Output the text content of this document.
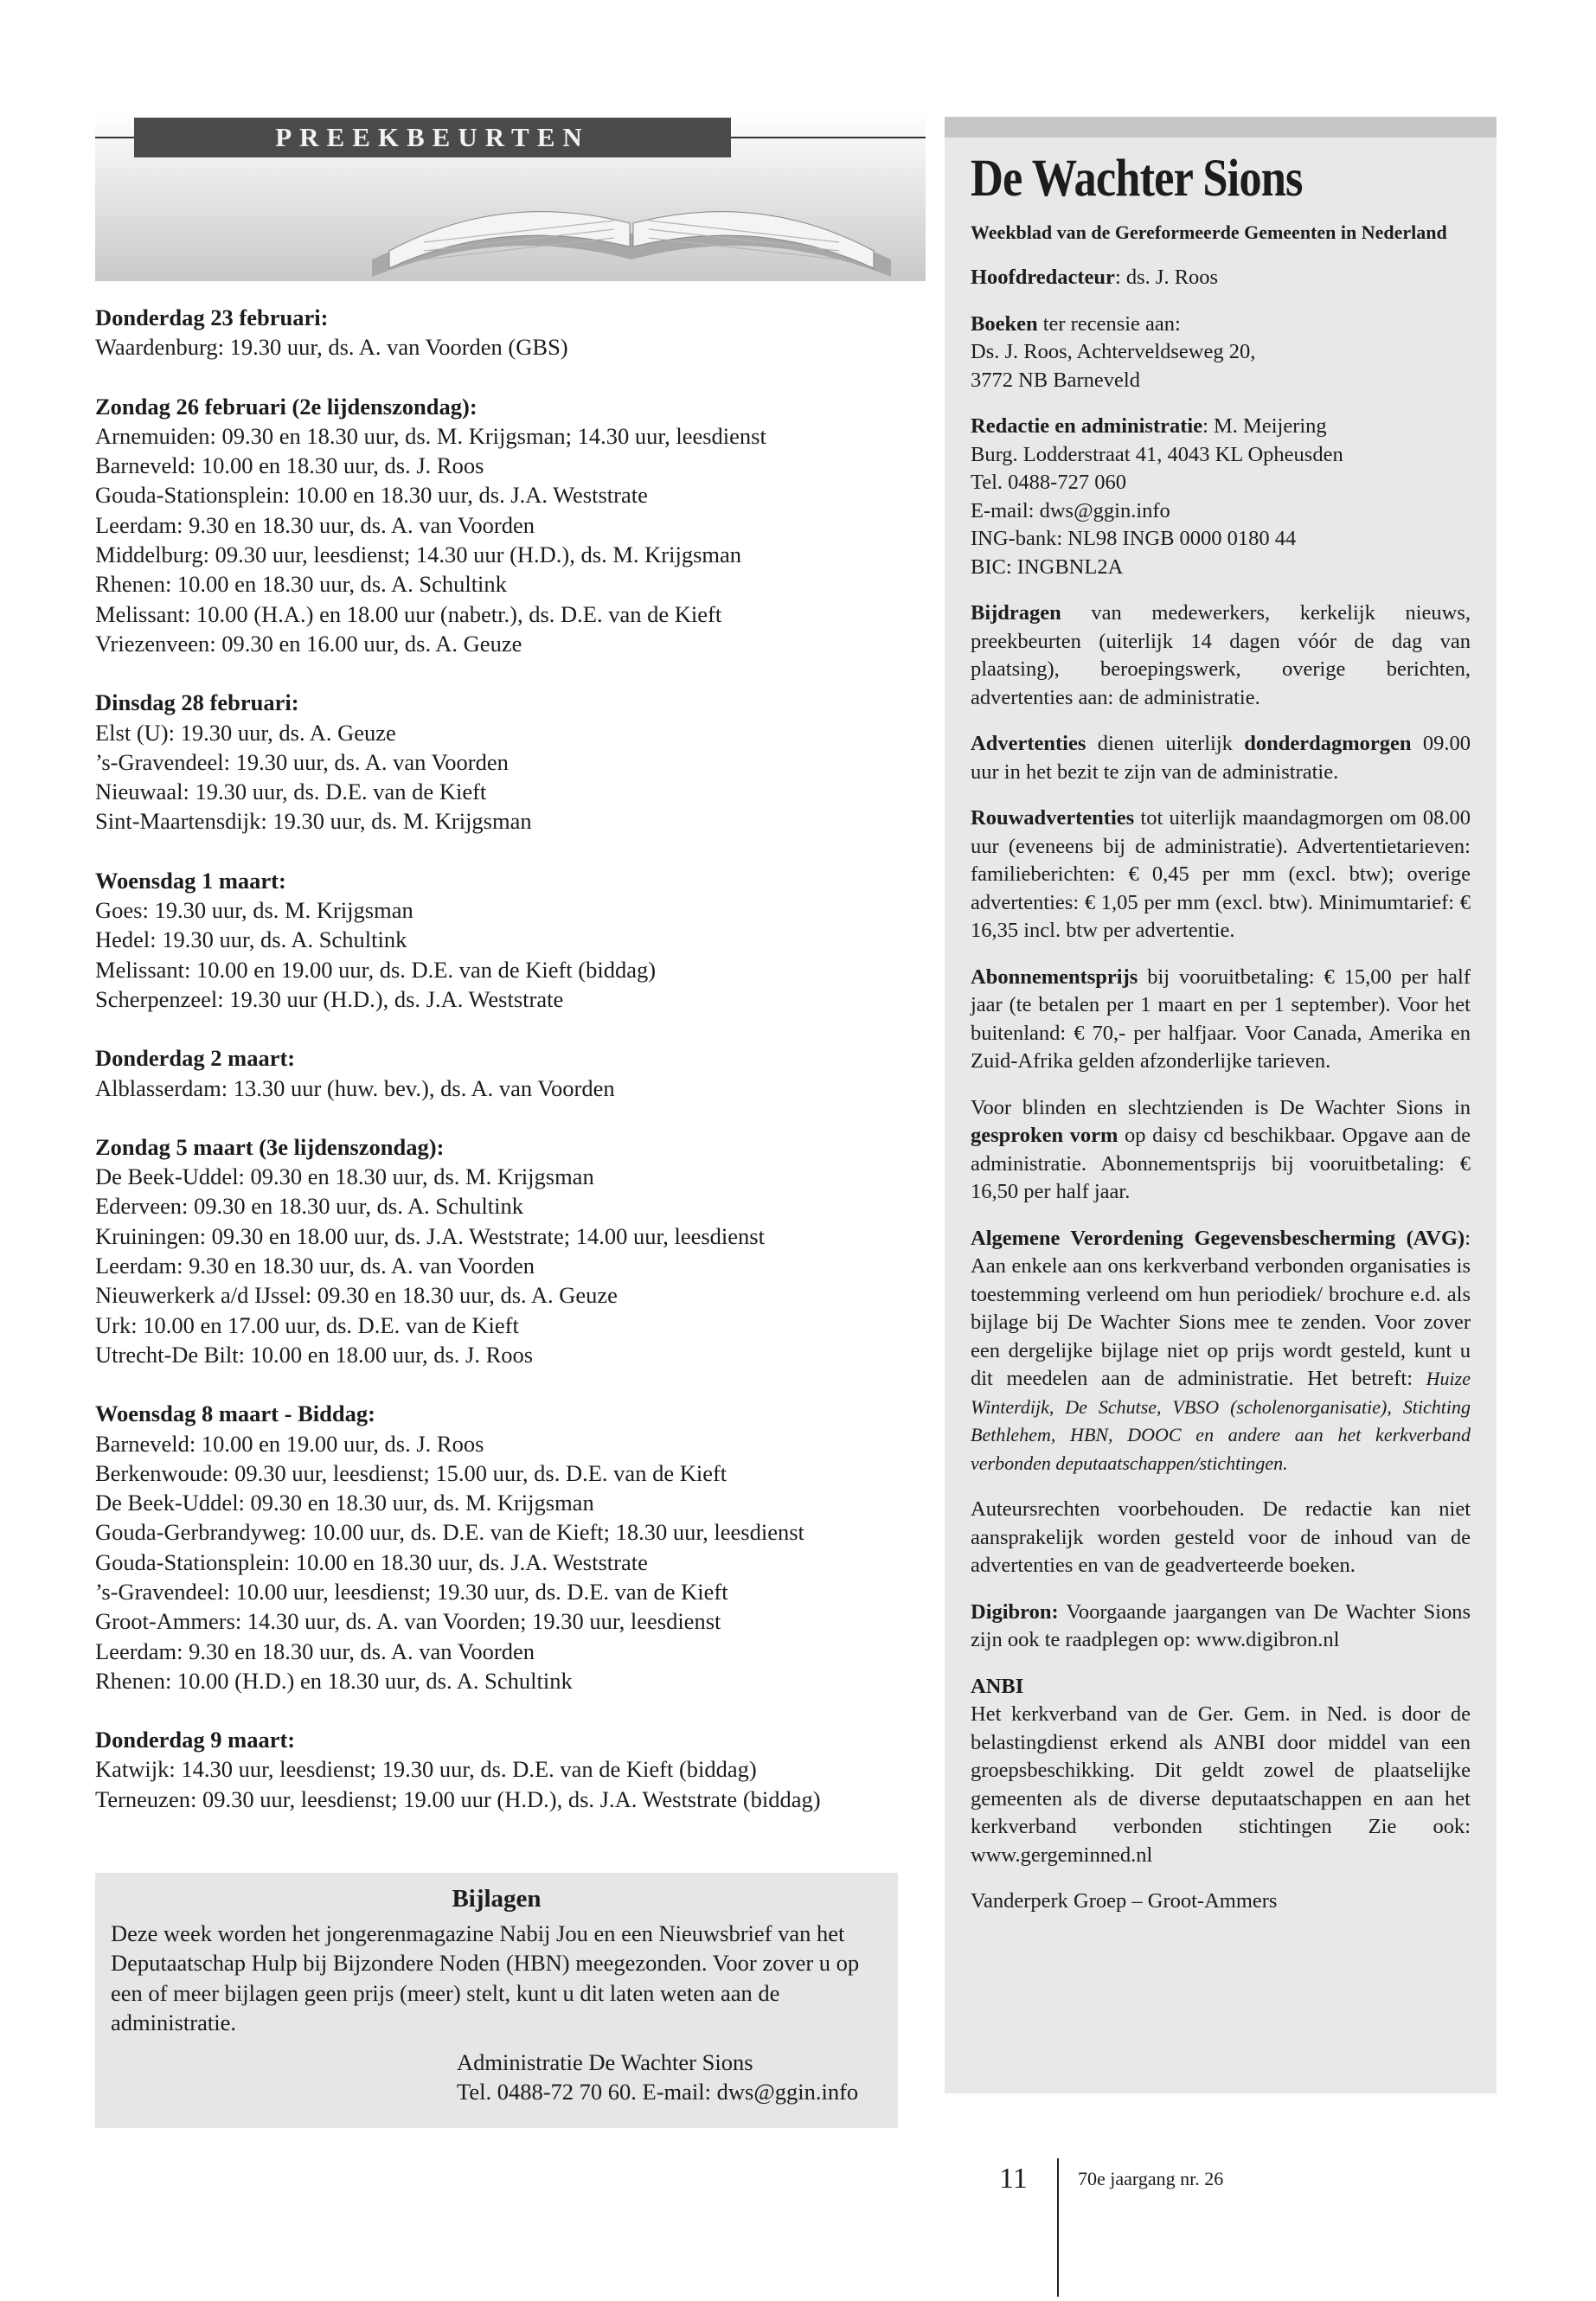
PREEKBEURTEN
Donderdag 23 februari:
Waardenburg: 19.30 uur, ds. A. van Voorden (GBS)
Zondag 26 februari (2e lijdenszondag):
Arnemuiden: 09.30 en 18.30 uur, ds. M. Krijgsman; 14.30 uur, leesdienst
Barneveld: 10.00 en 18.30 uur, ds. J. Roos
Gouda-Stationsplein: 10.00 en 18.30 uur, ds. J.A. Weststrate
Leerdam: 9.30 en 18.30 uur, ds. A. van Voorden
Middelburg: 09.30 uur, leesdienst; 14.30 uur (H.D.), ds. M. Krijgsman
Rhenen: 10.00 en 18.30 uur, ds. A. Schultink
Melissant: 10.00 (H.A.) en 18.00 uur (nabetr.), ds. D.E. van de Kieft
Vriezenveen: 09.30 en 16.00 uur, ds. A. Geuze
Dinsdag 28 februari:
Elst (U): 19.30 uur, ds. A. Geuze
’s-Gravendeel: 19.30 uur, ds. A. van Voorden
Nieuwaal: 19.30 uur, ds. D.E. van de Kieft
Sint-Maartensdijk: 19.30 uur, ds. M. Krijgsman
Woensdag 1 maart:
Goes: 19.30 uur, ds. M. Krijgsman
Hedel: 19.30 uur, ds. A. Schultink
Melissant: 10.00 en 19.00 uur, ds. D.E. van de Kieft (biddag)
Scherpenzeel: 19.30 uur (H.D.), ds. J.A. Weststrate
Donderdag 2 maart:
Alblasserdam: 13.30 uur (huw. bev.), ds. A. van Voorden
Zondag 5 maart (3e lijdenszondag):
De Beek-Uddel: 09.30 en 18.30 uur, ds. M. Krijgsman
Ederveen: 09.30 en 18.30 uur, ds. A. Schultink
Kruiningen: 09.30 en 18.00 uur, ds. J.A. Weststrate; 14.00 uur, leesdienst
Leerdam: 9.30 en 18.30 uur, ds. A. van Voorden
Nieuwerkerk a/d IJssel: 09.30 en 18.30 uur, ds. A. Geuze
Urk: 10.00 en 17.00 uur, ds. D.E. van de Kieft
Utrecht-De Bilt: 10.00 en 18.00 uur, ds. J. Roos
Woensdag 8 maart - Biddag:
Barneveld: 10.00 en 19.00 uur, ds. J. Roos
Berkenwoude: 09.30 uur, leesdienst; 15.00 uur, ds. D.E. van de Kieft
De Beek-Uddel: 09.30 en 18.30 uur, ds. M. Krijgsman
Gouda-Gerbrandyweg: 10.00 uur, ds. D.E. van de Kieft; 18.30 uur, leesdienst
Gouda-Stationsplein: 10.00 en 18.30 uur, ds. J.A. Weststrate
’s-Gravendeel: 10.00 uur, leesdienst; 19.30 uur, ds. D.E. van de Kieft
Groot-Ammers: 14.30 uur, ds. A. van Voorden; 19.30 uur, leesdienst
Leerdam: 9.30 en 18.30 uur, ds. A. van Voorden
Rhenen: 10.00 (H.D.) en 18.30 uur, ds. A. Schultink
Donderdag 9 maart:
Katwijk: 14.30 uur, leesdienst; 19.30 uur, ds. D.E. van de Kieft (biddag)
Terneuzen: 09.30 uur, leesdienst; 19.00 uur (H.D.), ds. J.A. Weststrate (biddag)
Bijlagen
Deze week worden het jongerenmagazine Nabij Jou en een Nieuwsbrief van het Deputaatschap Hulp bij Bijzondere Noden (HBN) meegezonden. Voor zover u op een of meer bijlagen geen prijs (meer) stelt, kunt u dit laten weten aan de administratie.
Administratie De Wachter Sions
Tel. 0488-72 70 60. E-mail: dws@ggin.info
De Wachter Sions
Weekblad van de Gereformeerde Gemeenten in Nederland
Hoofdredacteur: ds. J. Roos
Boeken ter recensie aan:
Ds. J. Roos, Achterveldseweg 20,
3772 NB Barneveld
Redactie en administratie: M. Meijering
Burg. Lodderstraat 41, 4043 KL Opheusden
Tel. 0488-727 060
E-mail: dws@ggin.info
ING-bank: NL98 INGB 0000 0180 44
BIC: INGBNL2A
Bijdragen van medewerkers, kerkelijk nieuws, preekbeurten (uiterlijk 14 dagen vóór de dag van plaatsing), beroepingswerk, overige berichten, advertenties aan: de administratie.
Advertenties dienen uiterlijk donderdagmorgen 09.00 uur in het bezit te zijn van de administratie.
Rouwadvertenties tot uiterlijk maandagmorgen om 08.00 uur (eveneens bij de administratie). Advertentietarieven: familieberichten: € 0,45 per mm (excl. btw); overige advertenties: € 1,05 per mm (excl. btw). Minimumtarief: € 16,35 incl. btw per advertentie.
Abonnementsprijs bij vooruitbetaling: € 15,00 per half jaar (te betalen per 1 maart en per 1 september). Voor het buitenland: € 70,- per halfjaar. Voor Canada, Amerika en Zuid-Afrika gelden afzonderlijke tarieven.
Voor blinden en slechtzienden is De Wachter Sions in gesproken vorm op daisy cd beschikbaar. Opgave aan de administratie. Abonnementsprijs bij vooruitbetaling: € 16,50 per half jaar.
Algemene Verordening Gegevensbescherming (AVG): Aan enkele aan ons kerkverband verbonden organisaties is toestemming verleend om hun periodiek/ brochure e.d. als bijlage bij De Wachter Sions mee te zenden. Voor zover een dergelijke bijlage niet op prijs wordt gesteld, kunt u dit meedelen aan de administratie. Het betreft: Huize Winterdijk, De Schutse, VBSO (scholenorganisatie), Stichting Bethlehem, HBN, DOOC en andere aan het kerkverband verbonden deputaatschappen/stichtingen.
Auteursrechten voorbehouden. De redactie kan niet aansprakelijk worden gesteld voor de inhoud van de advertenties en van de geadverteerde boeken.
Digibron: Voorgaande jaargangen van De Wachter Sions zijn ook te raadplegen op: www.digibron.nl
ANBI
Het kerkverband van de Ger. Gem. in Ned. is door de belastingdienst erkend als ANBI door middel van een groepsbeschikking. Dit geldt zowel de plaatselijke gemeenten als de diverse deputaatschappen en aan het kerkverband verbonden stichtingen Zie ook: www.gergeminned.nl
Vanderperk Groep – Groot-Ammers
11	70e jaargang nr. 26
